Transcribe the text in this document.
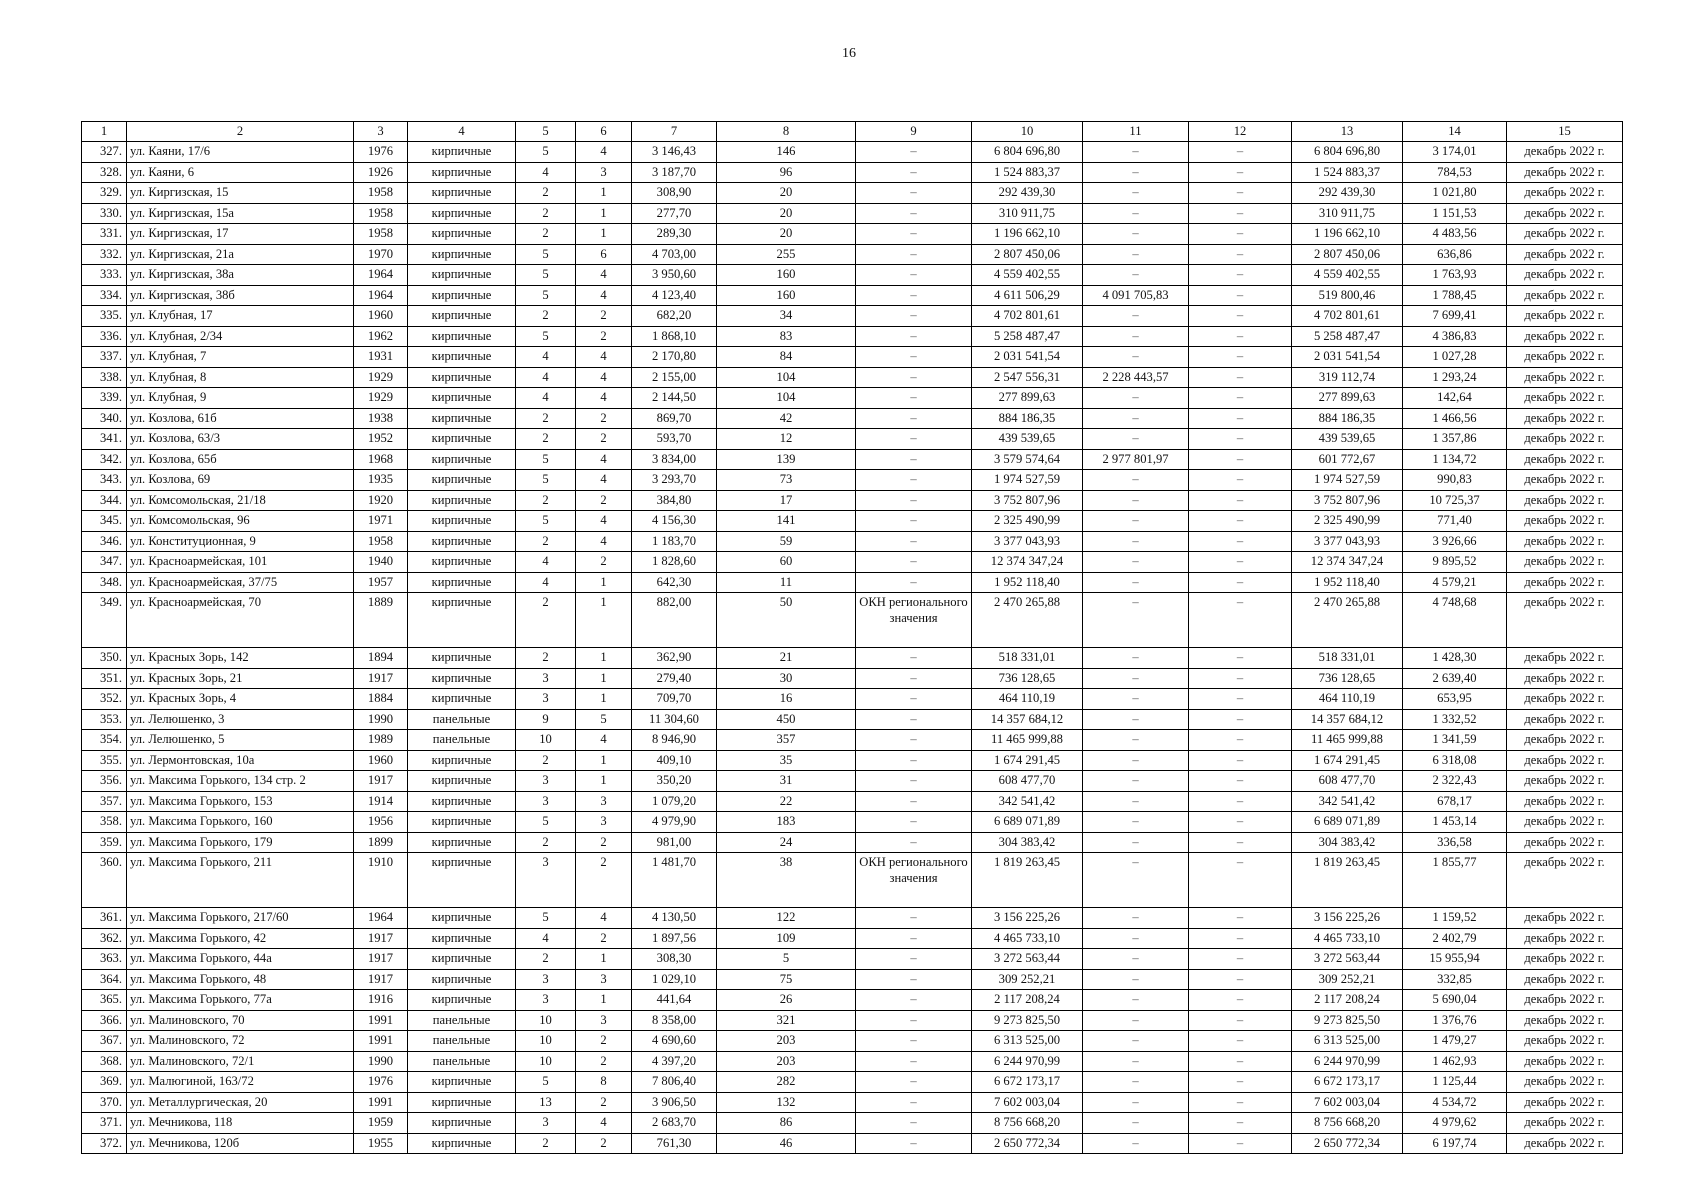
16
1	2	3	4	5	6	7	8	9	10	11	12	13	14	15
327.	ул. Каяни, 17/6	1976	кирпичные	5	4	3 146,43	146	–	6 804 696,80	–	–	6 804 696,80	3 174,01	декабрь 2022 г.
328.	ул. Каяни, 6	1926	кирпичные	4	3	3 187,70	96	–	1 524 883,37	–	–	1 524 883,37	784,53	декабрь 2022 г.
329.	ул. Киргизская, 15	1958	кирпичные	2	1	308,90	20	–	292 439,30	–	–	292 439,30	1 021,80	декабрь 2022 г.
330.	ул. Киргизская, 15а	1958	кирпичные	2	1	277,70	20	–	310 911,75	–	–	310 911,75	1 151,53	декабрь 2022 г.
331.	ул. Киргизская, 17	1958	кирпичные	2	1	289,30	20	–	1 196 662,10	–	–	1 196 662,10	4 483,56	декабрь 2022 г.
332.	ул. Киргизская, 21а	1970	кирпичные	5	6	4 703,00	255	–	2 807 450,06	–	–	2 807 450,06	636,86	декабрь 2022 г.
333.	ул. Киргизская, 38а	1964	кирпичные	5	4	3 950,60	160	–	4 559 402,55	–	–	4 559 402,55	1 763,93	декабрь 2022 г.
334.	ул. Киргизская, 38б	1964	кирпичные	5	4	4 123,40	160	–	4 611 506,29	4 091 705,83	–	519 800,46	1 788,45	декабрь 2022 г.
335.	ул. Клубная, 17	1960	кирпичные	2	2	682,20	34	–	4 702 801,61	–	–	4 702 801,61	7 699,41	декабрь 2022 г.
336.	ул. Клубная, 2/34	1962	кирпичные	5	2	1 868,10	83	–	5 258 487,47	–	–	5 258 487,47	4 386,83	декабрь 2022 г.
337.	ул. Клубная, 7	1931	кирпичные	4	4	2 170,80	84	–	2 031 541,54	–	–	2 031 541,54	1 027,28	декабрь 2022 г.
338.	ул. Клубная, 8	1929	кирпичные	4	4	2 155,00	104	–	2 547 556,31	2 228 443,57	–	319 112,74	1 293,24	декабрь 2022 г.
339.	ул. Клубная, 9	1929	кирпичные	4	4	2 144,50	104	–	277 899,63	–	–	277 899,63	142,64	декабрь 2022 г.
340.	ул. Козлова, 61б	1938	кирпичные	2	2	869,70	42	–	884 186,35	–	–	884 186,35	1 466,56	декабрь 2022 г.
341.	ул. Козлова, 63/3	1952	кирпичные	2	2	593,70	12	–	439 539,65	–	–	439 539,65	1 357,86	декабрь 2022 г.
342.	ул. Козлова, 65б	1968	кирпичные	5	4	3 834,00	139	–	3 579 574,64	2 977 801,97	–	601 772,67	1 134,72	декабрь 2022 г.
343.	ул. Козлова, 69	1935	кирпичные	5	4	3 293,70	73	–	1 974 527,59	–	–	1 974 527,59	990,83	декабрь 2022 г.
344.	ул. Комсомольская, 21/18	1920	кирпичные	2	2	384,80	17	–	3 752 807,96	–	–	3 752 807,96	10 725,37	декабрь 2022 г.
345.	ул. Комсомольская, 96	1971	кирпичные	5	4	4 156,30	141	–	2 325 490,99	–	–	2 325 490,99	771,40	декабрь 2022 г.
346.	ул. Конституционная, 9	1958	кирпичные	2	4	1 183,70	59	–	3 377 043,93	–	–	3 377 043,93	3 926,66	декабрь 2022 г.
347.	ул. Красноармейская, 101	1940	кирпичные	4	2	1 828,60	60	–	12 374 347,24	–	–	12 374 347,24	9 895,52	декабрь 2022 г.
348.	ул. Красноармейская, 37/75	1957	кирпичные	4	1	642,30	11	–	1 952 118,40	–	–	1 952 118,40	4 579,21	декабрь 2022 г.
349.	ул. Красноармейская, 70	1889	кирпичные	2	1	882,00	50	ОКН регионального значения	2 470 265,88	–	–	2 470 265,88	4 748,68	декабрь 2022 г.
350.	ул. Красных Зорь, 142	1894	кирпичные	2	1	362,90	21	–	518 331,01	–	–	518 331,01	1 428,30	декабрь 2022 г.
351.	ул. Красных Зорь, 21	1917	кирпичные	3	1	279,40	30	–	736 128,65	–	–	736 128,65	2 639,40	декабрь 2022 г.
352.	ул. Красных Зорь, 4	1884	кирпичные	3	1	709,70	16	–	464 110,19	–	–	464 110,19	653,95	декабрь 2022 г.
353.	ул. Лелюшенко, 3	1990	панельные	9	5	11 304,60	450	–	14 357 684,12	–	–	14 357 684,12	1 332,52	декабрь 2022 г.
354.	ул. Лелюшенко, 5	1989	панельные	10	4	8 946,90	357	–	11 465 999,88	–	–	11 465 999,88	1 341,59	декабрь 2022 г.
355.	ул. Лермонтовская, 10а	1960	кирпичные	2	1	409,10	35	–	1 674 291,45	–	–	1 674 291,45	6 318,08	декабрь 2022 г.
356.	ул. Максима Горького, 134 стр. 2	1917	кирпичные	3	1	350,20	31	–	608 477,70	–	–	608 477,70	2 322,43	декабрь 2022 г.
357.	ул. Максима Горького, 153	1914	кирпичные	3	3	1 079,20	22	–	342 541,42	–	–	342 541,42	678,17	декабрь 2022 г.
358.	ул. Максима Горького, 160	1956	кирпичные	5	3	4 979,90	183	–	6 689 071,89	–	–	6 689 071,89	1 453,14	декабрь 2022 г.
359.	ул. Максима Горького, 179	1899	кирпичные	2	2	981,00	24	–	304 383,42	–	–	304 383,42	336,58	декабрь 2022 г.
360.	ул. Максима Горького, 211	1910	кирпичные	3	2	1 481,70	38	ОКН регионального значения	1 819 263,45	–	–	1 819 263,45	1 855,77	декабрь 2022 г.
361.	ул. Максима Горького, 217/60	1964	кирпичные	5	4	4 130,50	122	–	3 156 225,26	–	–	3 156 225,26	1 159,52	декабрь 2022 г.
362.	ул. Максима Горького, 42	1917	кирпичные	4	2	1 897,56	109	–	4 465 733,10	–	–	4 465 733,10	2 402,79	декабрь 2022 г.
363.	ул. Максима Горького, 44а	1917	кирпичные	2	1	308,30	5	–	3 272 563,44	–	–	3 272 563,44	15 955,94	декабрь 2022 г.
364.	ул. Максима Горького, 48	1917	кирпичные	3	3	1 029,10	75	–	309 252,21	–	–	309 252,21	332,85	декабрь 2022 г.
365.	ул. Максима Горького, 77а	1916	кирпичные	3	1	441,64	26	–	2 117 208,24	–	–	2 117 208,24	5 690,04	декабрь 2022 г.
366.	ул. Малиновского, 70	1991	панельные	10	3	8 358,00	321	–	9 273 825,50	–	–	9 273 825,50	1 376,76	декабрь 2022 г.
367.	ул. Малиновского, 72	1991	панельные	10	2	4 690,60	203	–	6 313 525,00	–	–	6 313 525,00	1 479,27	декабрь 2022 г.
368.	ул. Малиновского, 72/1	1990	панельные	10	2	4 397,20	203	–	6 244 970,99	–	–	6 244 970,99	1 462,93	декабрь 2022 г.
369.	ул. Малюгиной, 163/72	1976	кирпичные	5	8	7 806,40	282	–	6 672 173,17	–	–	6 672 173,17	1 125,44	декабрь 2022 г.
370.	ул. Металлургическая, 20	1991	кирпичные	13	2	3 906,50	132	–	7 602 003,04	–	–	7 602 003,04	4 534,72	декабрь 2022 г.
371.	ул. Мечникова, 118	1959	кирпичные	3	4	2 683,70	86	–	8 756 668,20	–	–	8 756 668,20	4 979,62	декабрь 2022 г.
372.	ул. Мечникова, 120б	1955	кирпичные	2	2	761,30	46	–	2 650 772,34	–	–	2 650 772,34	6 197,74	декабрь 2022 г.
